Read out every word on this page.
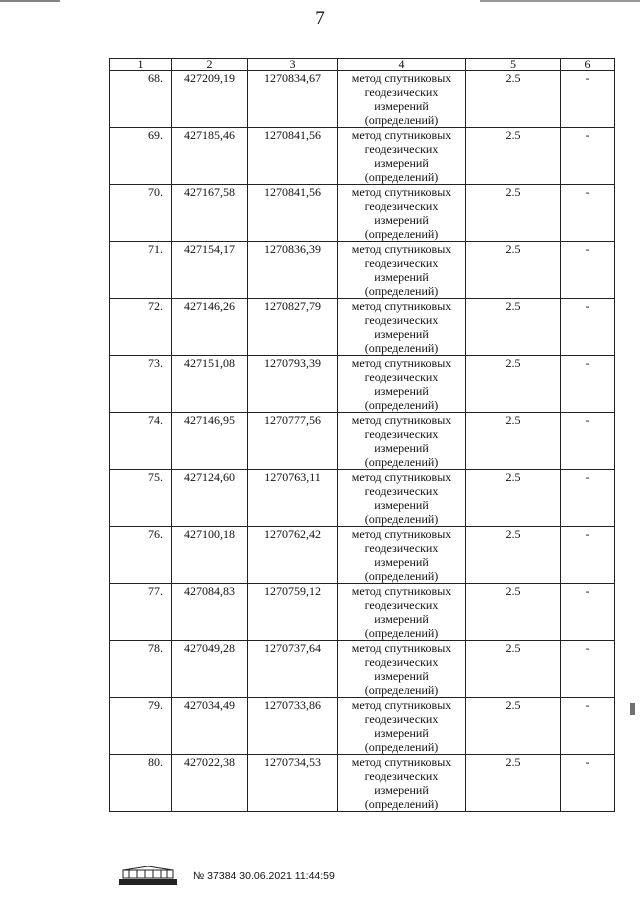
7
1	2	3	4	5	6
68.	427209,19	1270834,67	метод спутниковых геодезических измерений (определений)	2.5	-
69.	427185,46	1270841,56	метод спутниковых геодезических измерений (определений)	2.5	-
70.	427167,58	1270841,56	метод спутниковых геодезических измерений (определений)	2.5	-
71.	427154,17	1270836,39	метод спутниковых геодезических измерений (определений)	2.5	-
72.	427146,26	1270827,79	метод спутниковых геодезических измерений (определений)	2.5	-
73.	427151,08	1270793,39	метод спутниковых геодезических измерений (определений)	2.5	-
74.	427146,95	1270777,56	метод спутниковых геодезических измерений (определений)	2.5	-
75.	427124,60	1270763,11	метод спутниковых геодезических измерений (определений)	2.5	-
76.	427100,18	1270762,42	метод спутниковых геодезических измерений (определений)	2.5	-
77.	427084,83	1270759,12	метод спутниковых геодезических измерений (определений)	2.5	-
78.	427049,28	1270737,64	метод спутниковых геодезических измерений (определений)	2.5	-
79.	427034,49	1270733,86	метод спутниковых геодезических измерений (определений)	2.5	-
80.	427022,38	1270734,53	метод спутниковых геодезических измерений (определений)	2.5	-
№ 37384 30.06.2021 11:44:59
